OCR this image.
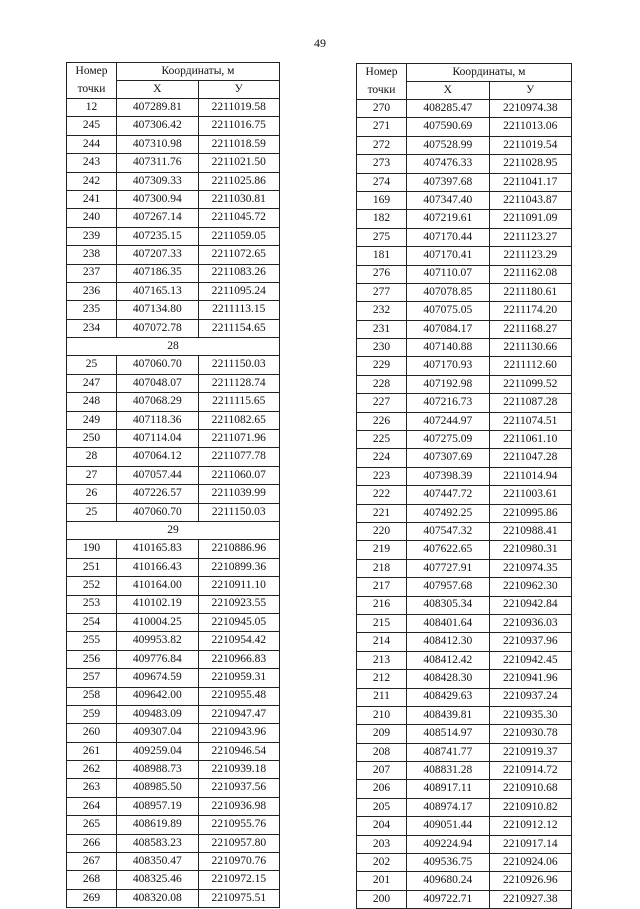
49
Номер	Координаты, м	
точки	X	У
12	407289.81	2211019.58
245	407306.42	2211016.75
244	407310.98	2211018.59
243	407311.76	2211021.50
242	407309.33	2211025.86
241	407300.94	2211030.81
240	407267.14	2211045.72
239	407235.15	2211059.05
238	407207.33	2211072.65
237	407186.35	2211083.26
236	407165.13	2211095.24
235	407134.80	2211113.15
234	407072.78	2211154.65
28		
25	407060.70	2211150.03
247	407048.07	2211128.74
248	407068.29	2211115.65
249	407118.36	2211082.65
250	407114.04	2211071.96
28	407064.12	2211077.78
27	407057.44	2211060.07
26	407226.57	2211039.99
25	407060.70	2211150.03
29		
190	410165.83	2210886.96
251	410166.43	2210899.36
252	410164.00	2210911.10
253	410102.19	2210923.55
254	410004.25	2210945.05
255	409953.82	2210954.42
256	409776.84	2210966.83
257	409674.59	2210959.31
258	409642.00	2210955.48
259	409483.09	2210947.47
260	409307.04	2210943.96
261	409259.04	2210946.54
262	408988.73	2210939.18
263	408985.50	2210937.56
264	408957.19	2210936.98
265	408619.89	2210955.76
266	408583.23	2210957.80
267	408350.47	2210970.76
268	408325.46	2210972.15
269	408320.08	2210975.51
Номер	Координаты, м	
точки	X	У
270	408285.47	2210974.38
271	407590.69	2211013.06
272	407528.99	2211019.54
273	407476.33	2211028.95
274	407397.68	2211041.17
169	407347.40	2211043.87
182	407219.61	2211091.09
275	407170.44	2211123.27
181	407170.41	2211123.29
276	407110.07	2211162.08
277	407078.85	2211180.61
232	407075.05	2211174.20
231	407084.17	2211168.27
230	407140.88	2211130.66
229	407170.93	2211112.60
228	407192.98	2211099.52
227	407216.73	2211087.28
226	407244.97	2211074.51
225	407275.09	2211061.10
224	407307.69	2211047.28
223	407398.39	2211014.94
222	407447.72	2211003.61
221	407492.25	2210995.86
220	407547.32	2210988.41
219	407622.65	2210980.31
218	407727.91	2210974.35
217	407957.68	2210962.30
216	408305.34	2210942.84
215	408401.64	2210936.03
214	408412.30	2210937.96
213	408412.42	2210942.45
212	408428.30	2210941.96
211	408429.63	2210937.24
210	408439.81	2210935.30
209	408514.97	2210930.78
208	408741.77	2210919.37
207	408831.28	2210914.72
206	408917.11	2210910.68
205	408974.17	2210910.82
204	409051.44	2210912.12
203	409224.94	2210917.14
202	409536.75	2210924.06
201	409680.24	2210926.96
200	409722.71	2210927.38
